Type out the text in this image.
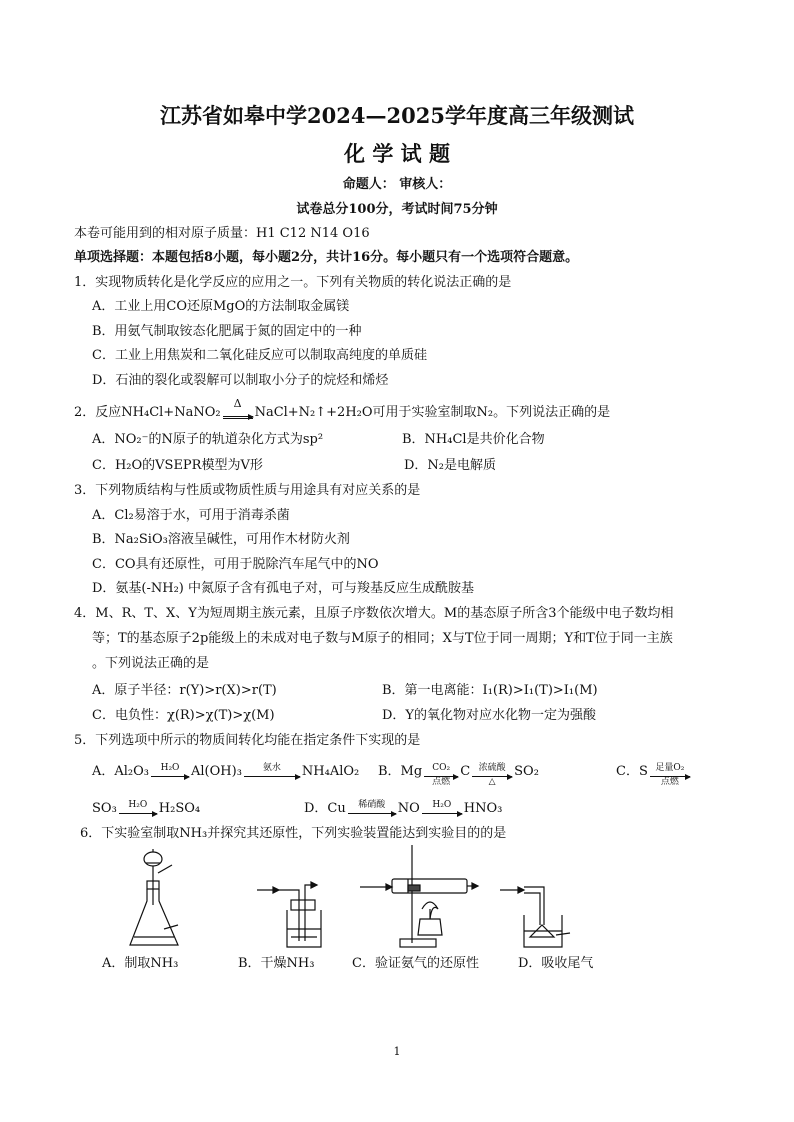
江苏省如皋中学2024—2025学年度高三年级测试
化 学 试 题
命题人： 审核人：
试卷总分100分，考试时间75分钟
本卷可能用到的相对原子质量：H1 C12 N14 O16
单项选择题：本题包括8小题，每小题2分，共计16分。每小题只有一个选项符合题意。
1．实现物质转化是化学反应的应用之一。下列有关物质的转化说法正确的是
A．工业上用CO还原MgO的方法制取金属镁
B．用氨气制取铵态化肥属于氮的固定中的一种
C．工业上用焦炭和二氧化硅反应可以制取高纯度的单质硅
D．石油的裂化或裂解可以制取小分子的烷烃和烯烃
2．反应NH₄Cl+NaNO₂
Δ
NaCl+N₂↑+2H₂O可用于实验室制取N₂。下列说法正确的是
A．NO₂⁻的N原子的轨道杂化方式为sp²	B．NH₄Cl是共价化合物
C．H₂O的VSEPR模型为V形	D．N₂是电解质
3．下列物质结构与性质或物质性质与用途具有对应关系的是
A．Cl₂易溶于水，可用于消毒杀菌
B．Na₂SiO₃溶液呈碱性，可用作木材防火剂
C．CO具有还原性，可用于脱除汽车尾气中的NO
D．氨基(-NH₂) 中氮原子含有孤电子对，可与羧基反应生成酰胺基
4．M、R、T、X、Y为短周期主族元素，且原子序数依次增大。M的基态原子所含3个能级中电子数均相
等；T的基态原子2p能级上的未成对电子数与M原子的相同；X与T位于同一周期；Y和T位于同一主族
。下列说法正确的是
A．原子半径：r(Y)>r(X)>r(T)	B．第一电离能：I₁(R)>I₁(T)>I₁(M)
C．电负性：χ(R)>χ(T)>χ(M)	D．Y的氧化物对应水化物一定为强酸
5．下列选项中所示的物质间转化均能在指定条件下实现的是
A．Al₂O₃	H₂O Al(OH)₃	氨水	NH₄AlO₂ B．Mg	CO₂
点燃
C 浓硫酸
△
SO₂	C．S 足量O₂
点燃
SO₃	H₂O H₂SO₄	D．Cu	稀硝酸 NO	H₂O HNO₃
6．下实验室制取NH₃并探究其还原性，下列实验装置能达到实验目的的是
A．制取NH₃	B．干燥NH₃	C．验证氨气的还原性	D．吸收尾气
1
